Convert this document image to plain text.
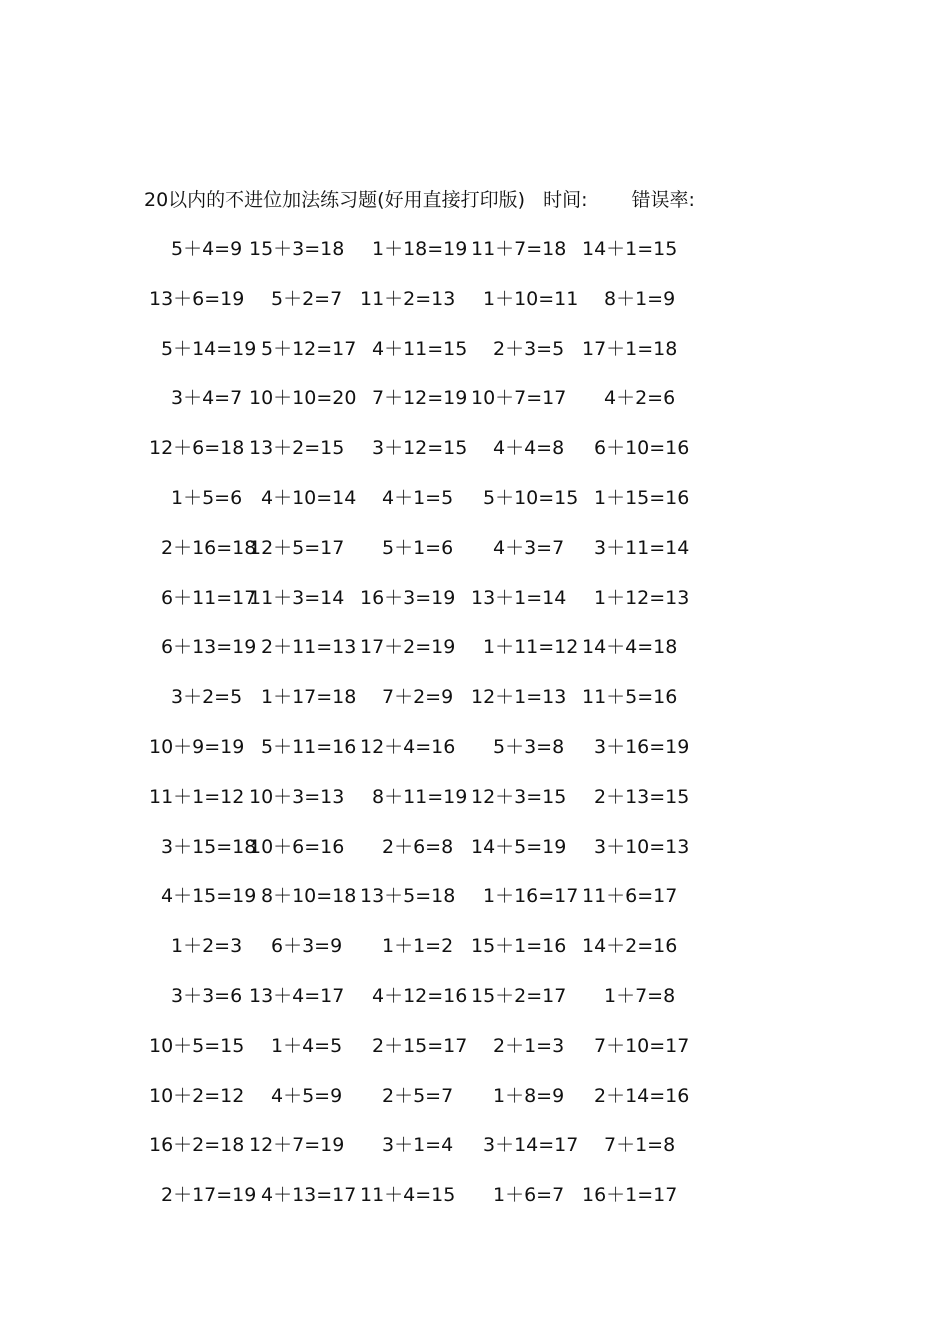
20以内的不进位加法练习题(好用直接打印版) 时间: 错误率:
5＋4=9 15＋3=18 1＋18=19 11＋7=18 14＋1=15
13＋6=19 5＋2=7 11＋2=13 1＋10=11 8＋1=9
5＋14=19 5＋12=17 4＋11=15 2＋3=5 17＋1=18
3＋4=7 10＋10=20 7＋12=19 10＋7=17 4＋2=6
12＋6=18 13＋2=15 3＋12=15 4＋4=8 6＋10=16
1＋5=6 4＋10=14 4＋1=5 5＋10=15 1＋15=16
2＋16=18
12＋5=17 5＋1=6 4＋3=7 3＋11=14
6＋11=17
11＋3=14 16＋3=19 13＋1=14 1＋12=13
6＋13=19 2＋11=13 17＋2=19 1＋11=12 14＋4=18
3＋2=5 1＋17=18 7＋2=9 12＋1=13 11＋5=16
10＋9=19 5＋11=16 12＋4=16 5＋3=8 3＋16=19
11＋1=12 10＋3=13 8＋11=19 12＋3=15 2＋13=15
3＋15=18
10＋6=16 2＋6=8 14＋5=19 3＋10=13
4＋15=19 8＋10=18 13＋5=18 1＋16=17 11＋6=17
1＋2=3 6＋3=9 1＋1=2 15＋1=16 14＋2=16
3＋3=6 13＋4=17 4＋12=16 15＋2=17 1＋7=8
10＋5=15 1＋4=5 2＋15=17 2＋1=3 7＋10=17
10＋2=12 4＋5=9 2＋5=7 1＋8=9 2＋14=16
16＋2=18 12＋7=19 3＋1=4 3＋14=17 7＋1=8
2＋17=19 4＋13=17 11＋4=15 1＋6=7 16＋1=17
